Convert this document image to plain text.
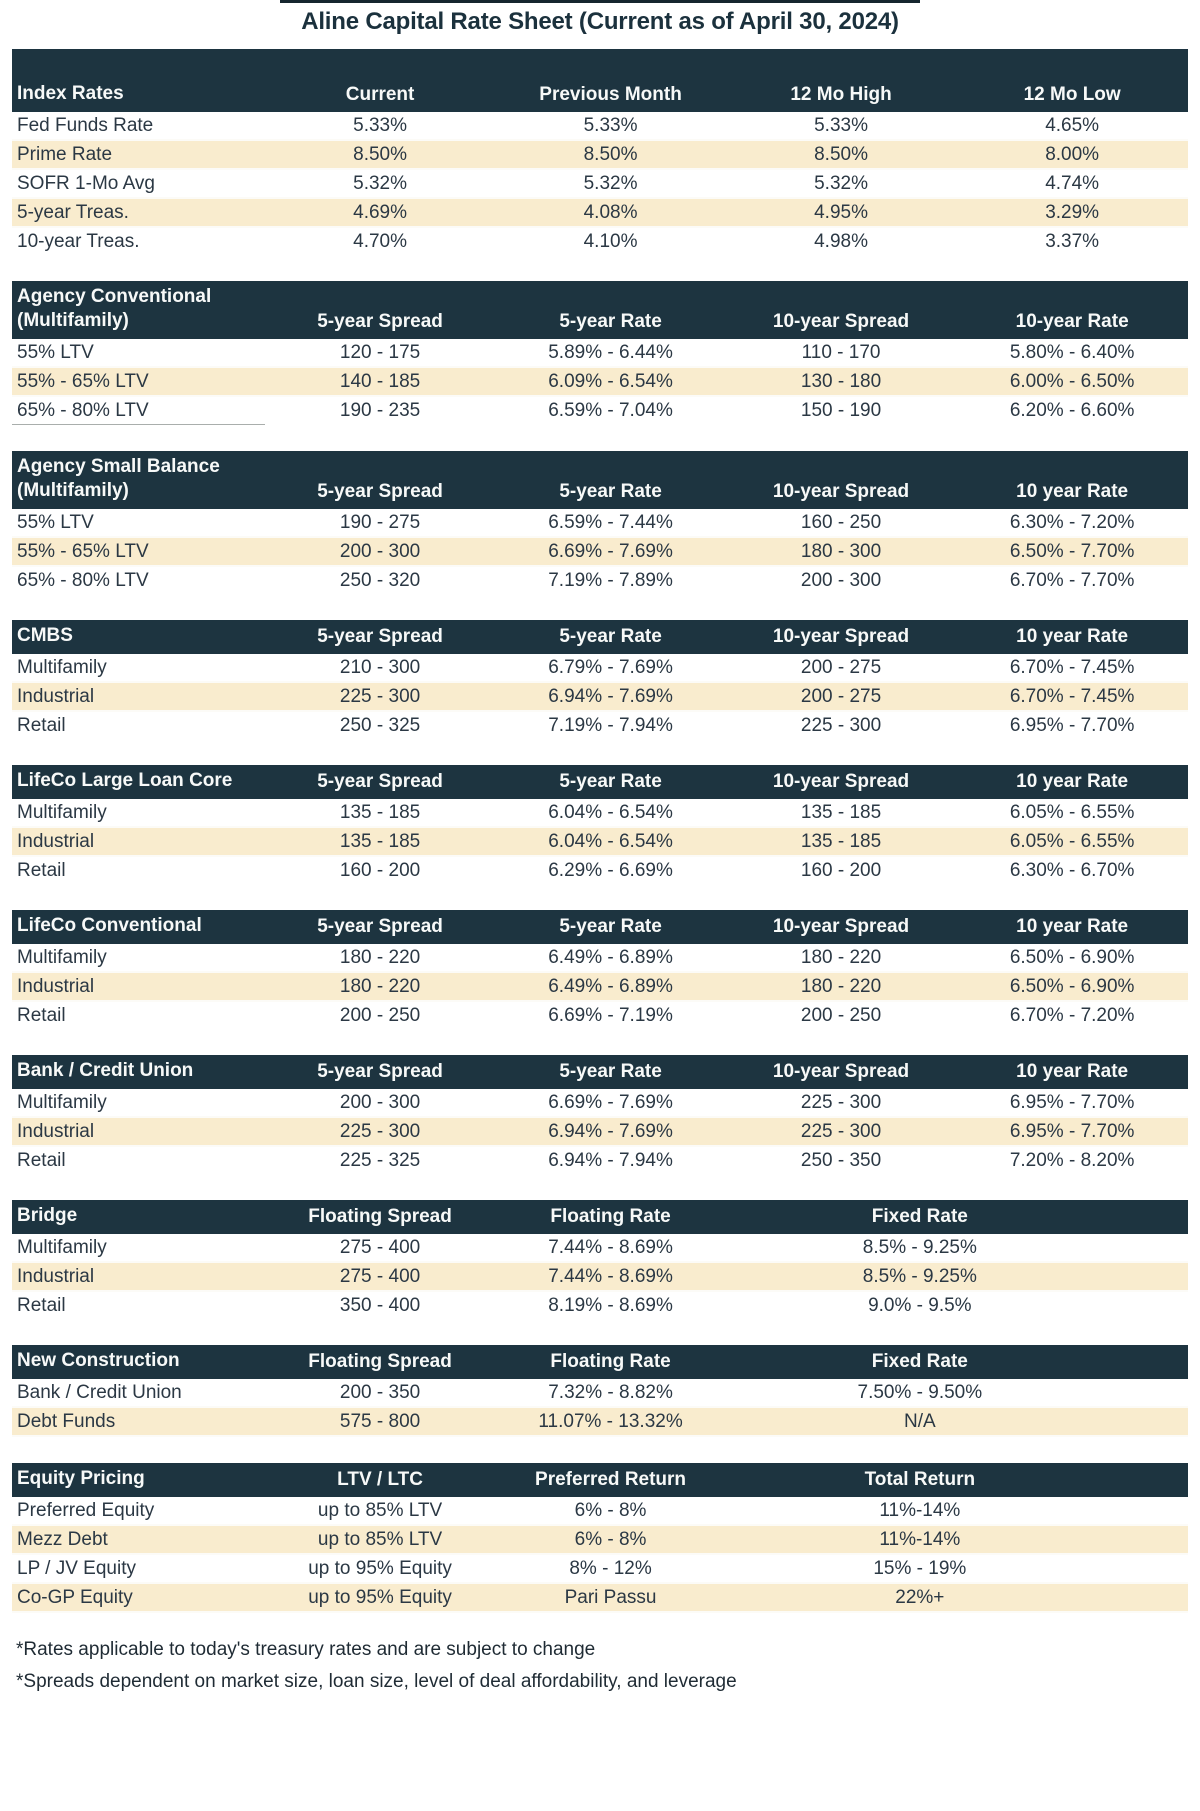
Aline Capital Rate Sheet (Current as of April 30, 2024)
Index Rates	Current	Previous Month	12 Mo High	12 Mo Low
Fed Funds Rate	5.33%	5.33%	5.33%	4.65%
Prime Rate	8.50%	8.50%	8.50%	8.00%
SOFR 1-Mo Avg	5.32%	5.32%	5.32%	4.74%
5-year Treas.	4.69%	4.08%	4.95%	3.29%
10-year Treas.	4.70%	4.10%	4.98%	3.37%
Agency Conventional
(Multifamily)	5-year Spread	5-year Rate	10-year Spread	10-year Rate
55% LTV	120 - 175	5.89% - 6.44%	110 - 170	5.80% - 6.40%
55% - 65% LTV	140 - 185	6.09% - 6.54%	130 - 180	6.00% - 6.50%
65% - 80% LTV	190 - 235	6.59% - 7.04%	150 - 190	6.20% - 6.60%
Agency Small Balance
(Multifamily)	5-year Spread	5-year Rate	10-year Spread	10 year Rate
55% LTV	190 - 275	6.59% - 7.44%	160 - 250	6.30% - 7.20%
55% - 65% LTV	200 - 300	6.69% - 7.69%	180 - 300	6.50% - 7.70%
65% - 80% LTV	250 - 320	7.19% - 7.89%	200 - 300	6.70% - 7.70%
CMBS	5-year Spread	5-year Rate	10-year Spread	10 year Rate
Multifamily	210 - 300	6.79% - 7.69%	200 - 275	6.70% - 7.45%
Industrial	225 - 300	6.94% - 7.69%	200 - 275	6.70% - 7.45%
Retail	250 - 325	7.19% - 7.94%	225 - 300	6.95% - 7.70%
LifeCo Large Loan Core	5-year Spread	5-year Rate	10-year Spread	10 year Rate
Multifamily	135 - 185	6.04% - 6.54%	135 - 185	6.05% - 6.55%
Industrial	135 - 185	6.04% - 6.54%	135 - 185	6.05% - 6.55%
Retail	160 - 200	6.29% - 6.69%	160 - 200	6.30% - 6.70%
LifeCo Conventional	5-year Spread	5-year Rate	10-year Spread	10 year Rate
Multifamily	180 - 220	6.49% - 6.89%	180 - 220	6.50% - 6.90%
Industrial	180 - 220	6.49% - 6.89%	180 - 220	6.50% - 6.90%
Retail	200 - 250	6.69% - 7.19%	200 - 250	6.70% - 7.20%
Bank / Credit Union	5-year Spread	5-year Rate	10-year Spread	10 year Rate
Multifamily	200 - 300	6.69% - 7.69%	225 - 300	6.95% - 7.70%
Industrial	225 - 300	6.94% - 7.69%	225 - 300	6.95% - 7.70%
Retail	225 - 325	6.94% - 7.94%	250 - 350	7.20% - 8.20%
Bridge	Floating Spread	Floating Rate	Fixed Rate	
Multifamily	275 - 400	7.44% - 8.69%	8.5% - 9.25%	
Industrial	275 - 400	7.44% - 8.69%	8.5% - 9.25%	
Retail	350 - 400	8.19% - 8.69%	9.0% - 9.5%	
New Construction	Floating Spread	Floating Rate	Fixed Rate	
Bank / Credit Union	200 - 350	7.32% - 8.82%	7.50% - 9.50%	
Debt Funds	575 - 800	11.07% - 13.32%	N/A	
Equity Pricing	LTV / LTC	Preferred Return	Total Return	
Preferred Equity	up to 85% LTV	6% - 8%	11%-14%	
Mezz Debt	up to 85% LTV	6% - 8%	11%-14%	
LP / JV Equity	up to 95% Equity	8% - 12%	15% - 19%	
Co-GP Equity	up to 95% Equity	Pari Passu	22%+	

*Rates applicable to today's treasury rates and are subject to change

*Spreads dependent on market size, loan size, level of deal affordability, and leverage
